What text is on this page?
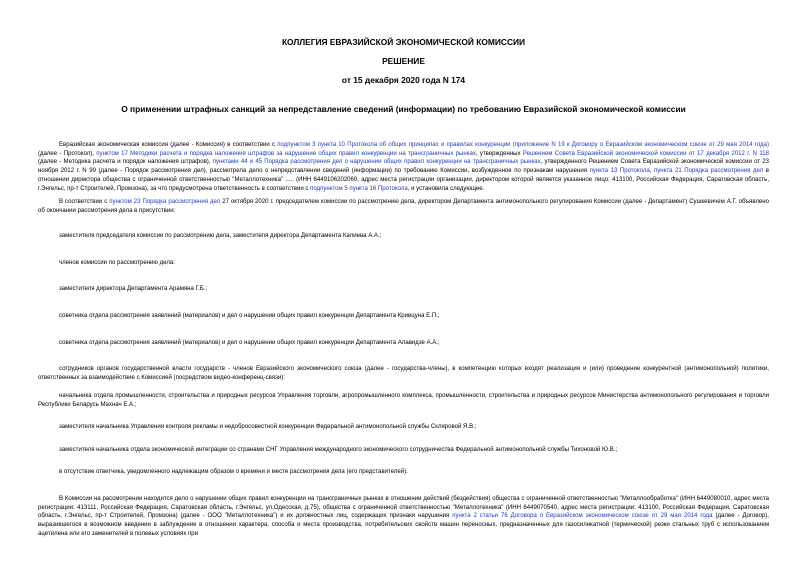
КОЛЛЕГИЯ ЕВРАЗИЙСКОЙ ЭКОНОМИЧЕСКОЙ КОМИССИИ
РЕШЕНИЕ
от 15 декабря 2020 года N 174
О применении штрафных санкций за непредставление сведений (информации) по требованию Евразийской экономической комиссии

Евразийская экономическая комиссия (далее - Комиссия) в соответствии с подпунктом 3 пункта 10 Протокола об общих принципах и правилах конкуренции (приложение N 19 к Договору о Евразийском экономическом союзе от 29 мая 2014 года) (далее - Протокол), пунктом 17 Методики расчета и порядка наложения штрафов за нарушение общих правил конкуренции на трансграничных рынках, утвержденных Решением Совета Евразийской экономической комиссии от 17 декабря 2012 г. N 118 (далее - Методика расчета и порядок наложения штрафов), пунктами 44 и 45 Порядка рассмотрения дел о нарушении общих правил конкуренции на трансграничных рынках, утвержденного Решением Совета Евразийской экономической комиссии от 23 ноября 2012 г. N 99 (далее - Порядок рассмотрения дел), рассмотрела дело о непредставлении сведений (информации) по требованию Комиссии, возбужденное по признакам нарушения пункта 13 Протокола, пункта 21 Порядка рассмотрения дел в отношении директора общества с ограниченной ответственностью "Металлотехника" ..... (ИНН 6449106202060, адрес места регистрации организации, директором которой является указанное лицо: 413100, Российская Федерация, Саратовская область, г.Энгельс, пр-т Строителей, Промзона), за что предусмотрена ответственность в соответствии с подпунктом 5 пункта 16 Протокола, и установила следующее.

В соответствии с пунктом 23 Порядка рассмотрения дел 27 октября 2020 г. председателем комиссии по рассмотрению дела, директором Департамента антимонопольного регулирования Комиссии (далее - Департамент) Сушкевичем А.Г. объявлено об окончании рассмотрения дела в присутствии:

заместителя председателя комиссии по рассмотрению дела, заместителя директора Департамента Калиева А.А.;

членов комиссии по рассмотрению дела:

заместителя директора Департамента Арамяна Г.Б.;

советника отдела рассмотрения заявлений (материалов) и дел о нарушении общих правил конкуренции Департамента Кривцуна Е.П.;

советника отдела рассмотрения заявлений (материалов) и дел о нарушении общих правил конкуренции Департамента Алавидзе А.А.;

сотрудников органов государственной власти государств - членов Евразийского экономического союза (далее - государства-члены), в компетенцию которых входят реализация и (или) проведение конкурентной (антимонопольной) политики, ответственных за взаимодействие с Комиссией (посредством видео-конференц-связи):

начальника отдела промышленности, строительства и природных ресурсов Управления торговли, агропромышленного комплекса, промышленности, строительства и природных ресурсов Министерства антимонопольного регулирования и торговли Республики Беларусь Махнач Е.А.;

заместителя начальника Управления контроля рекламы и недобросовестной конкуренции Федеральной антимонопольной службы Скляровой Я.В.;

заместителя начальника отдела экономической интеграции со странами СНГ Управления международного экономического сотрудничества Федеральной антимонопольной службы Тихоновой Ю.В.;

в отсутствие ответчика, уведомленного надлежащим образом о времени и месте рассмотрения дела (его представителей).

В Комиссии на рассмотрении находится дело о нарушении общих правил конкуренции на трансграничных рынках в отношении действий (бездействия) общества с ограниченной ответственностью "Металлообработка" (ИНН 6449080010, адрес места регистрации: 413111, Российская Федерация, Саратовская область, г.Энгельс, ул.Одесская, д.75), общества с ограниченной ответственностью "Металлотехника" (ИНН 6449070540, адрес места регистрации: 413100, Российская Федерация, Саратовская область, г.Энгельс, пр-т Строителей, Промзона) (далее - ООО "Металлотехника") и их должностных лиц, содержащих признаки нарушения пункта 2 статьи 76 Договора о Евразийском экономическом союзе от 29 мая 2014 года (далее - Договор), выразившегося в возможном введении в заблуждение в отношении характера, способа и места производства, потребительских свойств машин переносных, предназначенных для газосиликатной (термической) резки стальных труб с использованием ацетилена или его заменителей в полевых условиях при
